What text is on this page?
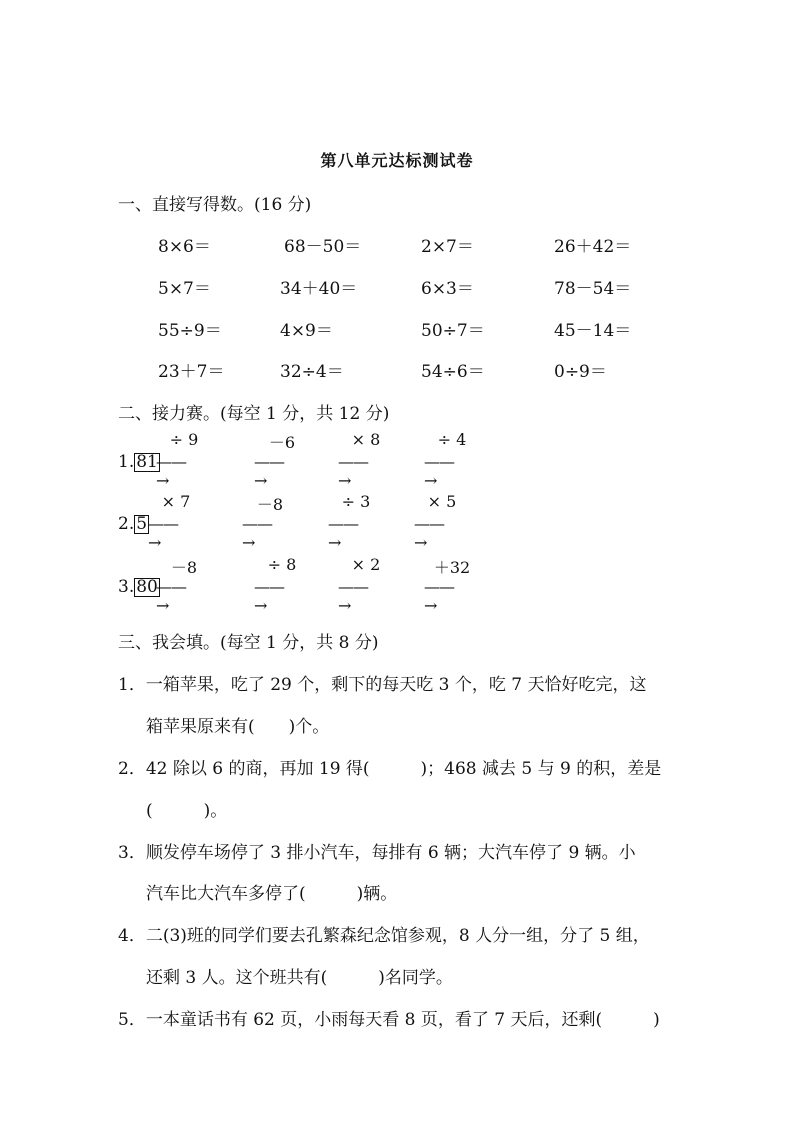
第八单元达标测试卷
一、直接写得数。(16 分)
8×6＝	68－50＝	2×7＝	26＋42＝
5×7＝	34＋40＝	6×3＝	78－54＝
55÷9＝	4×9＝	50÷7＝	45－14＝
23＋7＝	32÷4＝	54÷6＝	0÷9＝
二、接力赛。(每空 1 分，共 12 分)
1. 81
÷ 9
——→
－6
——→
× 8
——→
÷ 4
——→
2. 5
× 7
——→
－8
——→
÷ 3
——→
× 5
——→
3. 80
－8
——→
÷ 8
——→
× 2
——→
＋32
——→
三、我会填。(每空 1 分，共 8 分)
1．一箱苹果，吃了 29 个，剩下的每天吃 3 个，吃 7 天恰好吃完，这
箱苹果原来有(　　)个。
2．42 除以 6 的商，再加 19 得(　　　)；468 减去 5 与 9 的积，差是
(　　　)。
3．顺发停车场停了 3 排小汽车，每排有 6 辆；大汽车停了 9 辆。小
汽车比大汽车多停了(　　　)辆。
4．二(3)班的同学们要去孔繁森纪念馆参观，8 人分一组，分了 5 组，
还剩 3 人。这个班共有(　　　)名同学。
5．一本童话书有 62 页，小雨每天看 8 页，看了 7 天后，还剩(　　　)
